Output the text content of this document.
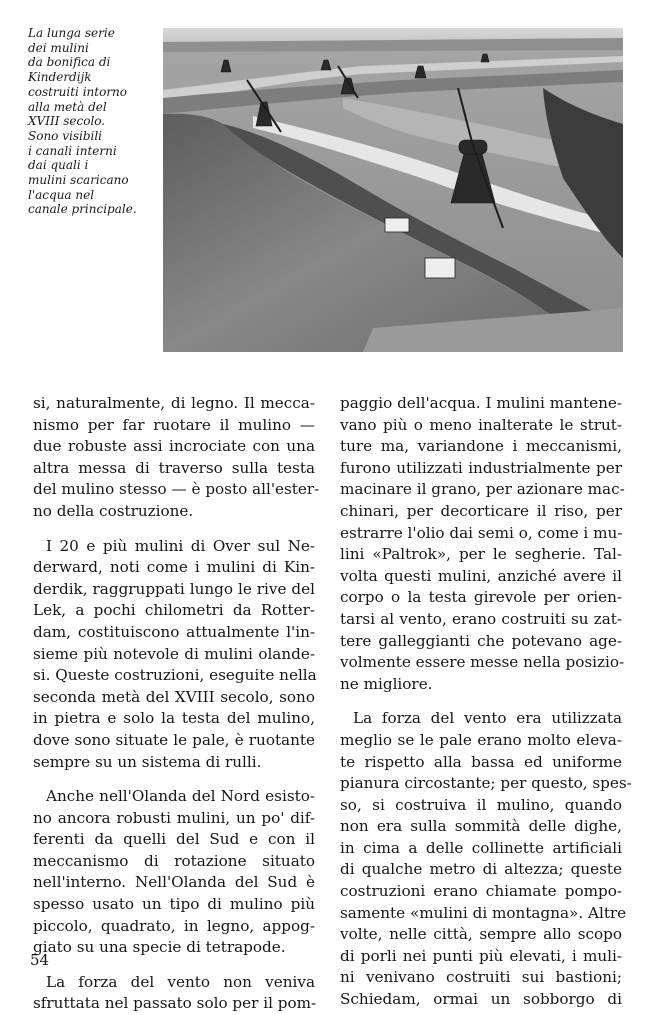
La lunga serie
dei mulini
da bonifica di
Kinderdijk
costruiti intorno
alla metà del
XVIII secolo.
Sono visibili
i canali interni
dai quali i
mulini scaricano
l'acqua nel
canale principale.
si, naturalmente, di legno. Il mecca-
nismo per far ruotare il mulino —
due robuste assi incrociate con una
altra messa di traverso sulla testa
del mulino stesso — è posto all'ester-
no della costruzione.
I 20 e più mulini di Over sul Ne-
derward, noti come i mulini di Kin-
derdik, raggruppati lungo le rive del
Lek, a pochi chilometri da Rotter-
dam, costituiscono attualmente l'in-
sieme più notevole di mulini olande-
si. Queste costruzioni, eseguite nella
seconda metà del XVIII secolo, sono
in pietra e solo la testa del mulino,
dove sono situate le pale, è ruotante
sempre su un sistema di rulli.
Anche nell'Olanda del Nord esisto-
no ancora robusti mulini, un po' dif-
ferenti da quelli del Sud e con il
meccanismo di rotazione situato
nell'interno. Nell'Olanda del Sud è
spesso usato un tipo di mulino più
piccolo, quadrato, in legno, appog-
giato su una specie di tetrapode.
La forza del vento non veniva
sfruttata nel passato solo per il pom-
paggio dell'acqua. I mulini mantene-
vano più o meno inalterate le strut-
ture ma, variandone i meccanismi,
furono utilizzati industrialmente per
macinare il grano, per azionare mac-
chinari, per decorticare il riso, per
estrarre l'olio dai semi o, come i mu-
lini «Paltrok», per le segherie. Tal-
volta questi mulini, anziché avere il
corpo o la testa girevole per orien-
tarsi al vento, erano costruiti su zat-
tere galleggianti che potevano age-
volmente essere messe nella posizio-
ne migliore.
La forza del vento era utilizzata
meglio se le pale erano molto eleva-
te rispetto alla bassa ed uniforme
pianura circostante; per questo, spes-
so, si costruiva il mulino, quando
non era sulla sommità delle dighe,
in cima a delle collinette artificiali
di qualche metro di altezza; queste
costruzioni erano chiamate pompo-
samente «mulini di montagna». Altre
volte, nelle città, sempre allo scopo
di porli nei punti più elevati, i muli-
ni venivano costruiti sui bastioni;
Schiedam, ormai un sobborgo di
54
